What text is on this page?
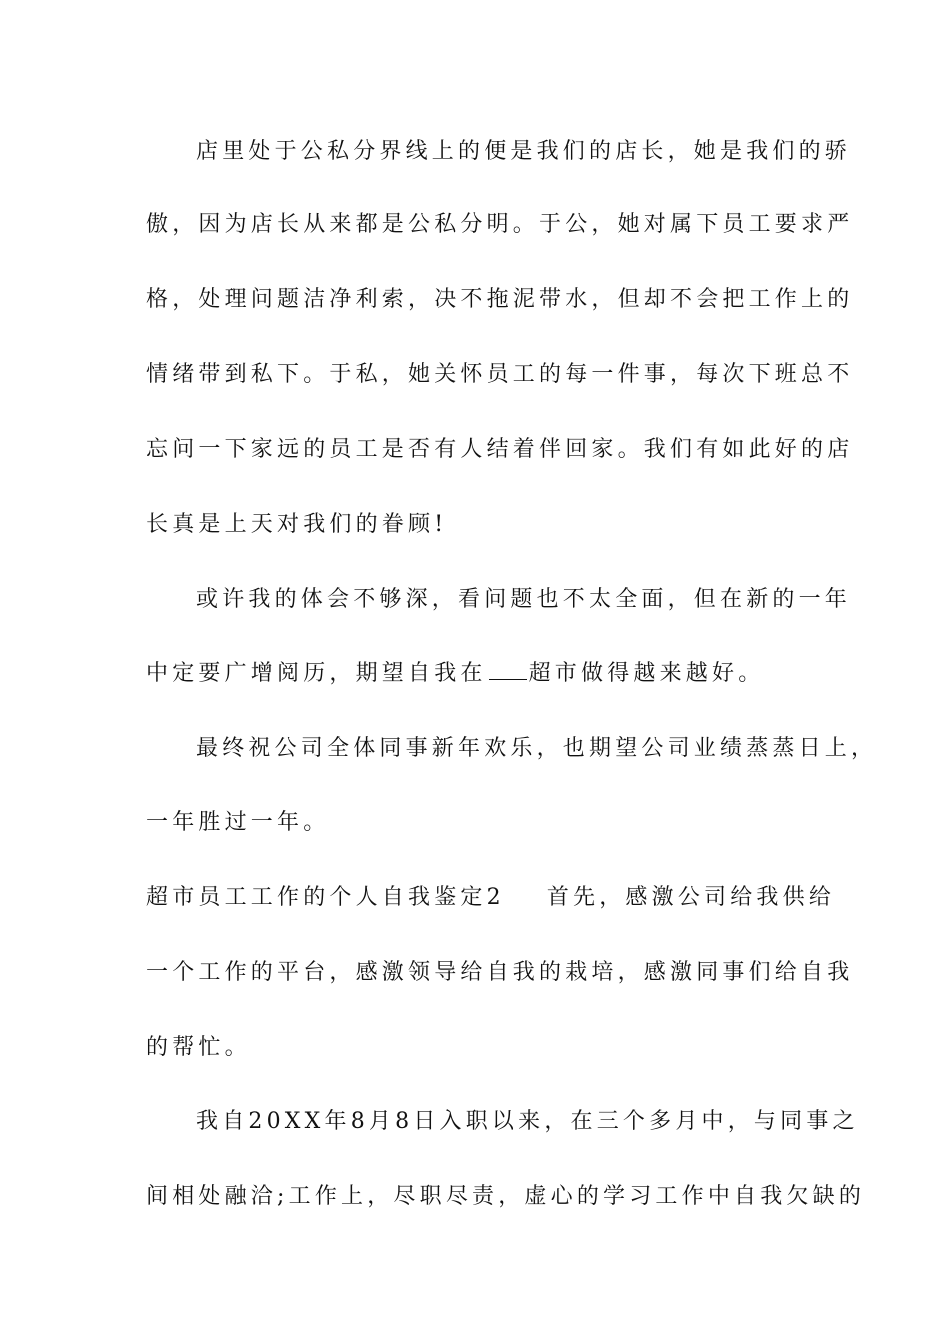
店里处于公私分界线上的便是我们的店长，她是我们的骄
傲，因为店长从来都是公私分明。于公，她对属下员工要求严
格，处理问题洁净利索，决不拖泥带水，但却不会把工作上的
情绪带到私下。于私，她关怀员工的每一件事，每次下班总不
忘问一下家远的员工是否有人结着伴回家。我们有如此好的店
长真是上天对我们的眷顾!
或许我的体会不够深，看问题也不太全面，但在新的一年
中定要广增阅历，期望自我在 超市做得越来越好。
最终祝公司全体同事新年欢乐，也期望公司业绩蒸蒸日上，
一年胜过一年。
超市员工工作的个人自我鉴定2 首先，感激公司给我供给
一个工作的平台，感激领导给自我的栽培，感激同事们给自我
的帮忙。
我自20XX年8月8日入职以来，在三个多月中，与同事之
间相处融洽;工作上，尽职尽责，虚心的学习工作中自我欠缺的
